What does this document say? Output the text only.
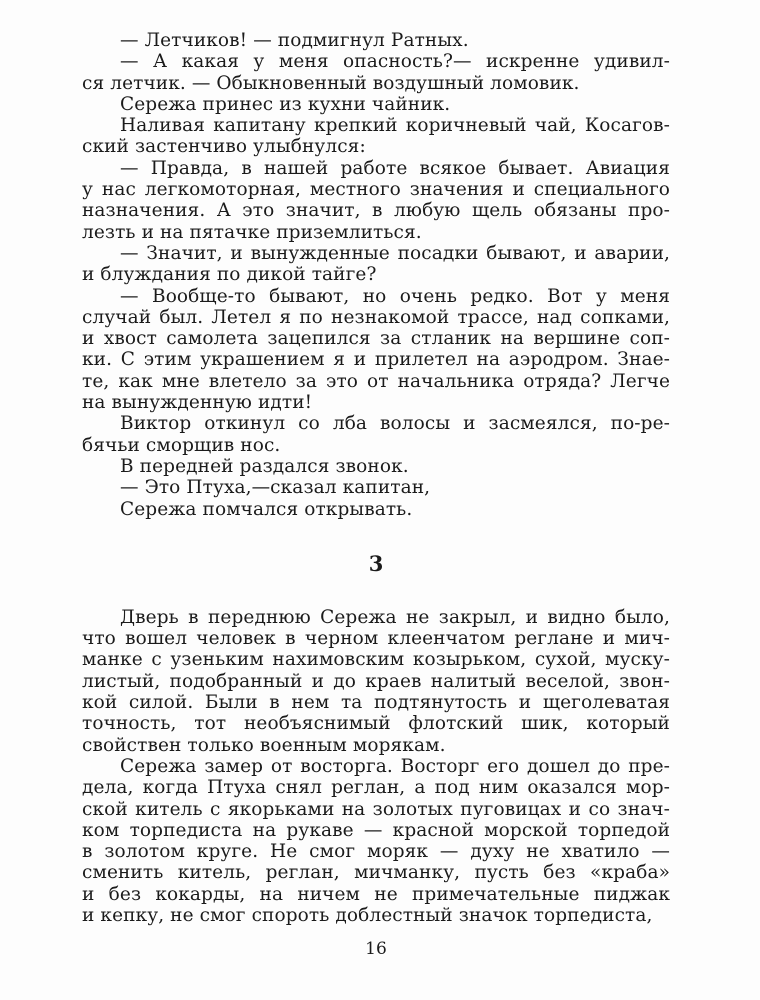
— Летчиков! — подмигнул Ратных.
— А какая у меня опасность?— искренне удивил-
ся летчик. — Обыкновенный воздушный ломовик.
Сережа принес из кухни чайник.
Наливая капитану крепкий коричневый чай, Косагов-
ский застенчиво улыбнулся:
— Правда, в нашей работе всякое бывает. Авиация
у нас легкомоторная, местного значения и специального
назначения. А это значит, в любую щель обязаны про-
лезть и на пятачке приземлиться.
— Значит, и вынужденные посадки бывают, и аварии,
и блуждания по дикой тайге?
— Вообще-то бывают, но очень редко. Вот у меня
случай был. Летел я по незнакомой трассе, над сопками,
и хвост самолета зацепился за стланик на вершине соп-
ки. С этим украшением я и прилетел на аэродром. Знае-
те, как мне влетело за это от начальника отряда? Легче
на вынужденную идти!
Виктор откинул со лба волосы и засмеялся, по-ре-
бячьи сморщив нос.
В передней раздался звонок.
— Это Птуха,—сказал капитан,
Сережа помчался открывать.
3
Дверь в переднюю Сережа не закрыл, и видно было,
что вошел человек в черном клеенчатом реглане и мич-
манке с узеньким нахимовским козырьком, сухой, муску-
листый, подобранный и до краев налитый веселой, звон-
кой силой. Были в нем та подтянутость и щеголеватая
точность, тот необъяснимый флотский шик, который
свойствен только военным морякам.
Сережа замер от восторга. Восторг его дошел до пре-
дела, когда Птуха снял реглан, а под ним оказался мор-
ской китель с якорьками на золотых пуговицах и со знач-
ком торпедиста на рукаве — красной морской торпедой
в золотом круге. Не смог моряк — духу не хватило —
сменить китель, реглан, мичманку, пусть без «краба»
и без кокарды, на ничем не примечательные пиджак
и кепку, не смог спороть доблестный значок торпедиста,
16
